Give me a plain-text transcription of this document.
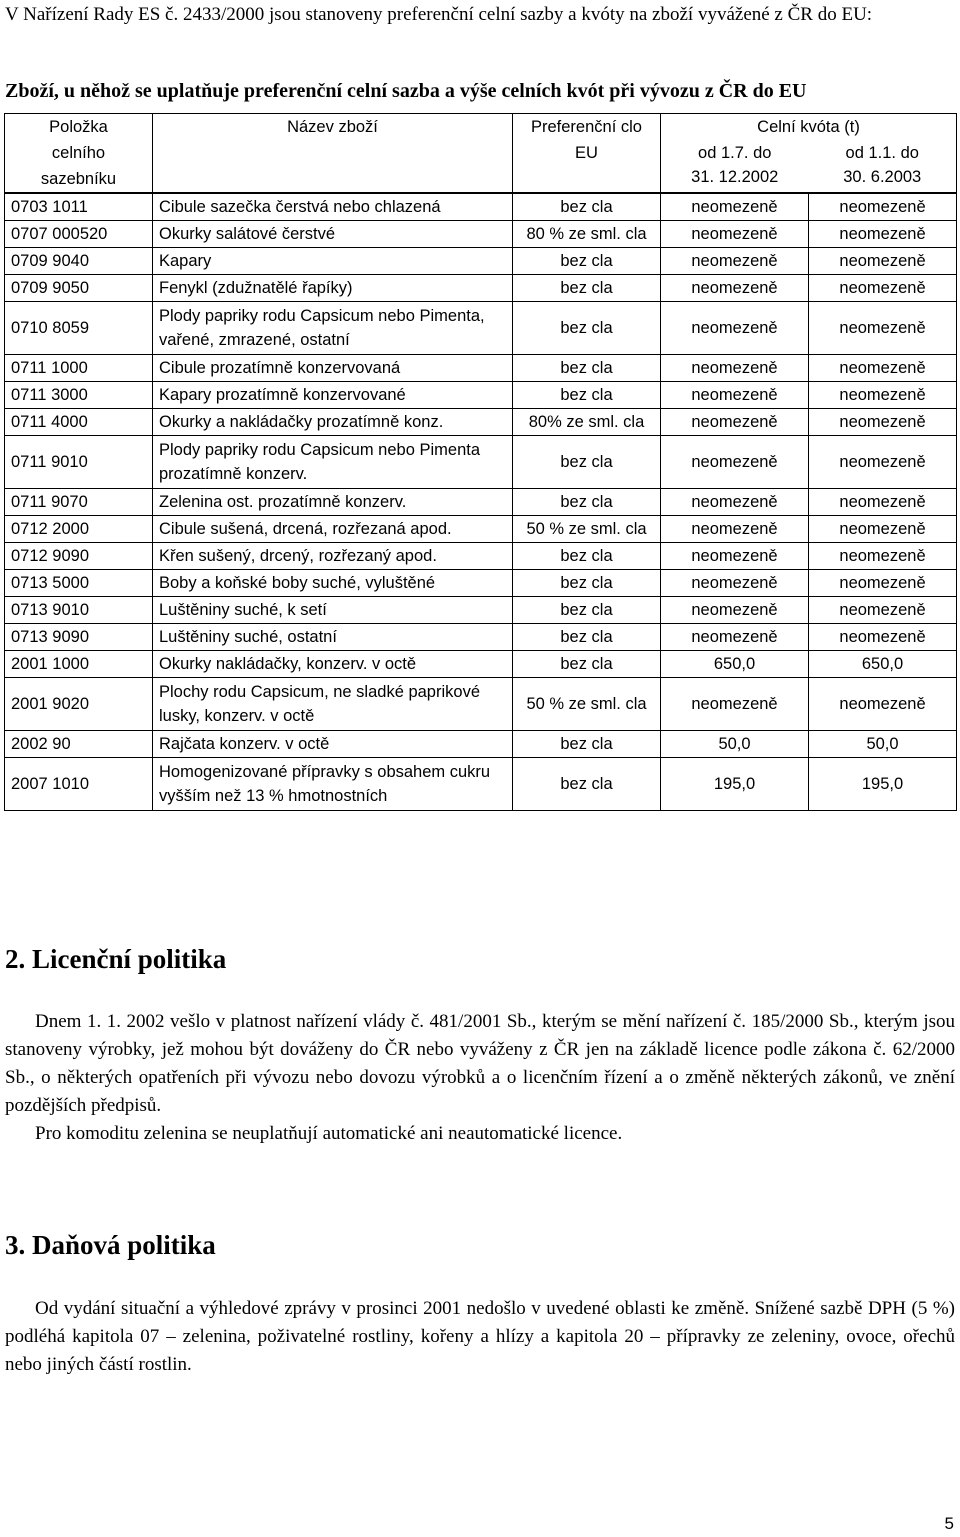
V Nařízení Rady ES č. 2433/2000 jsou stanoveny preferenční celní sazby a kvóty na zboží vyvážené z ČR do EU:
Zboží, u něhož se uplatňuje preferenční celní sazba a výše celních kvót při vývozu z ČR do EU
Položka celního sazebníku	Název zboží	Preferenční clo EU	Celní kvóta (t)	
			od 1.7. do 31. 12.2002	od 1.1. do 30. 6.2003
0703 1011	Cibule sazečka čerstvá nebo chlazená	bez cla	neomezeně	neomezeně
0707 000520	Okurky salátové čerstvé	80 % ze sml. cla	neomezeně	neomezeně
0709 9040	Kapary	bez cla	neomezeně	neomezeně
0709 9050	Fenykl (zdužnatělé řapíky)	bez cla	neomezeně	neomezeně
0710 8059	Plody papriky rodu Capsicum nebo Pimenta, vařené, zmrazené, ostatní	bez cla	neomezeně	neomezeně
0711 1000	Cibule prozatímně konzervovaná	bez cla	neomezeně	neomezeně
0711 3000	Kapary prozatímně konzervované	bez cla	neomezeně	neomezeně
0711 4000	Okurky a nakládačky prozatímně konz.	80% ze sml. cla	neomezeně	neomezeně
0711 9010	Plody papriky rodu Capsicum nebo Pimenta prozatímně konzerv.	bez cla	neomezeně	neomezeně
0711 9070	Zelenina ost. prozatímně konzerv.	bez cla	neomezeně	neomezeně
0712 2000	Cibule sušená, drcená, rozřezaná apod.	50 % ze sml. cla	neomezeně	neomezeně
0712 9090	Křen sušený, drcený, rozřezaný apod.	bez cla	neomezeně	neomezeně
0713 5000	Boby a koňské boby suché, vyluštěné	bez cla	neomezeně	neomezeně
0713 9010	Luštěniny suché, k setí	bez cla	neomezeně	neomezeně
0713 9090	Luštěniny suché, ostatní	bez cla	neomezeně	neomezeně
2001 1000	Okurky nakládačky, konzerv. v octě	bez cla	650,0	650,0
2001 9020	Plochy rodu Capsicum, ne sladké paprikové lusky, konzerv. v octě	50 % ze sml. cla	neomezeně	neomezeně
2002 90	Rajčata konzerv. v octě	bez cla	50,0	50,0
2007 1010	Homogenizované přípravky s obsahem cukru vyšším než 13 % hmotnostních	bez cla	195,0	195,0
2. Licenční politika

Dnem 1. 1. 2002 vešlo v platnost nařízení vlády č. 481/2001 Sb., kterým se mění nařízení č. 185/2000 Sb., kterým jsou stanoveny výrobky, jež mohou být dováženy do ČR nebo vyváženy z ČR jen na základě licence podle zákona č. 62/2000 Sb., o některých opatřeních při vývozu nebo dovozu výrobků a o licenčním řízení a o změně některých zákonů, ve znění pozdějších předpisů.

Pro komoditu zelenina se neuplatňují automatické ani neautomatické licence.

3. Daňová politika

Od vydání situační a výhledové zprávy v prosinci 2001 nedošlo v uvedené oblasti ke změně. Snížené sazbě DPH (5 %) podléhá kapitola 07 – zelenina, poživatelné rostliny, kořeny a hlízy a kapitola 20 – přípravky ze zeleniny, ovoce, ořechů nebo jiných částí rostlin.

5
